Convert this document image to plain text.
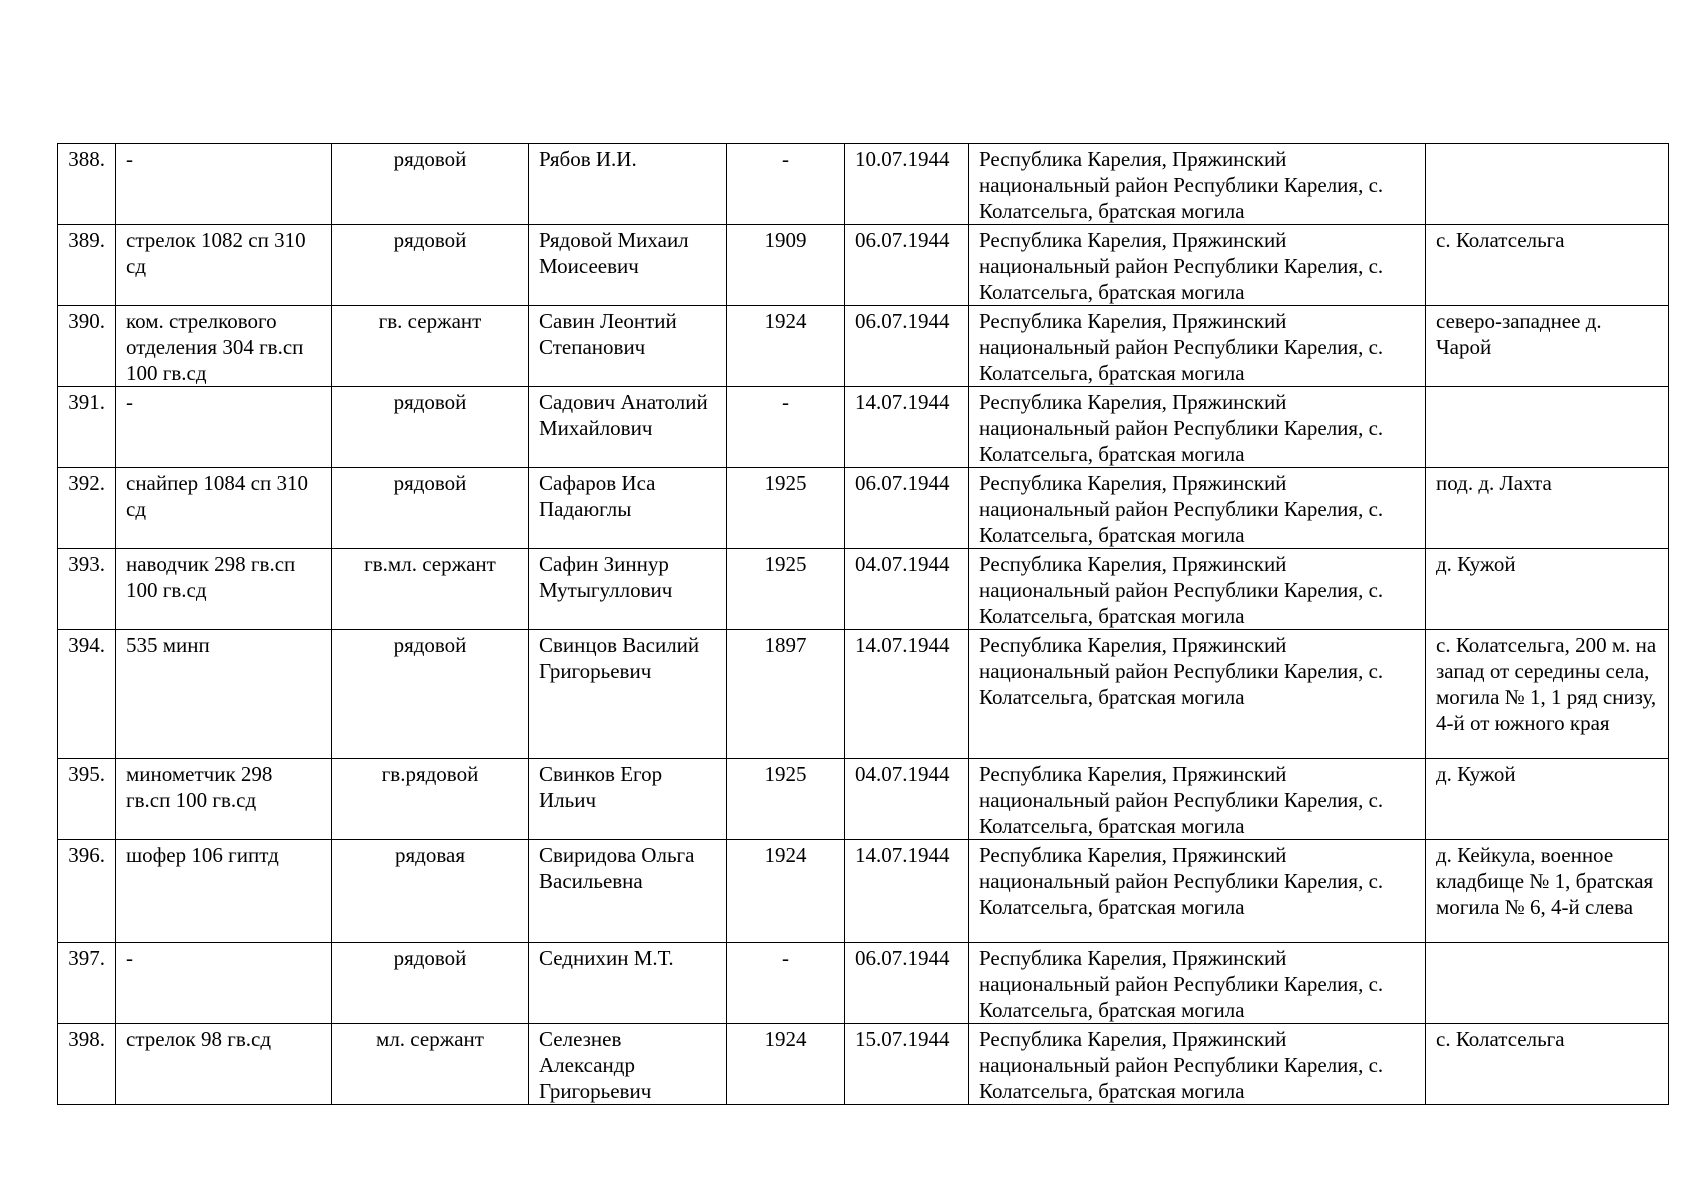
388.	-	рядовой	Рябов И.И.	-	10.07.1944	Республика Карелия, Пряжинский национальный район Республики Карелия, с. Колатсельга, братская могила	
389.	стрелок 1082 сп 310 сд	рядовой	Рядовой Михаил Моисеевич	1909	06.07.1944	Республика Карелия, Пряжинский национальный район Республики Карелия, с. Колатсельга, братская могила	с. Колатсельга
390.	ком. стрелкового отделения 304 гв.сп 100 гв.сд	гв. сержант	Савин Леонтий Степанович	1924	06.07.1944	Республика Карелия, Пряжинский национальный район Республики Карелия, с. Колатсельга, братская могила	северо-западнее д. Чарой
391.	-	рядовой	Садович Анатолий Михайлович	-	14.07.1944	Республика Карелия, Пряжинский национальный район Республики Карелия, с. Колатсельга, братская могила	
392.	снайпер 1084 сп 310 сд	рядовой	Сафаров Иса Падаюглы	1925	06.07.1944	Республика Карелия, Пряжинский национальный район Республики Карелия, с. Колатсельга, братская могила	под. д. Лахта
393.	наводчик 298 гв.сп 100 гв.сд	гв.мл. сержант	Сафин Зиннур Мутыгуллович	1925	04.07.1944	Республика Карелия, Пряжинский национальный район Республики Карелия, с. Колатсельга, братская могила	д. Кужой
394.	535 минп	рядовой	Свинцов Василий Григорьевич	1897	14.07.1944	Республика Карелия, Пряжинский национальный район Республики Карелия, с. Колатсельга, братская могила	с. Колатсельга, 200 м. на запад от середины села, могила № 1, 1 ряд снизу, 4-й от южного края
395.	минометчик 298 гв.сп 100 гв.сд	гв.рядовой	Свинков Егор Ильич	1925	04.07.1944	Республика Карелия, Пряжинский национальный район Республики Карелия, с. Колатсельга, братская могила	д. Кужой
396.	шофер 106 гиптд	рядовая	Свиридова Ольга Васильевна	1924	14.07.1944	Республика Карелия, Пряжинский национальный район Республики Карелия, с. Колатсельга, братская могила	д. Кейкула, военное кладбище № 1, братская могила № 6, 4-й слева
397.	-	рядовой	Седнихин М.Т.	-	06.07.1944	Республика Карелия, Пряжинский национальный район Республики Карелия, с. Колатсельга, братская могила	
398.	стрелок 98 гв.сд	мл. сержант	Селезнев Александр Григорьевич	1924	15.07.1944	Республика Карелия, Пряжинский национальный район Республики Карелия, с. Колатсельга, братская могила	с. Колатсельга
